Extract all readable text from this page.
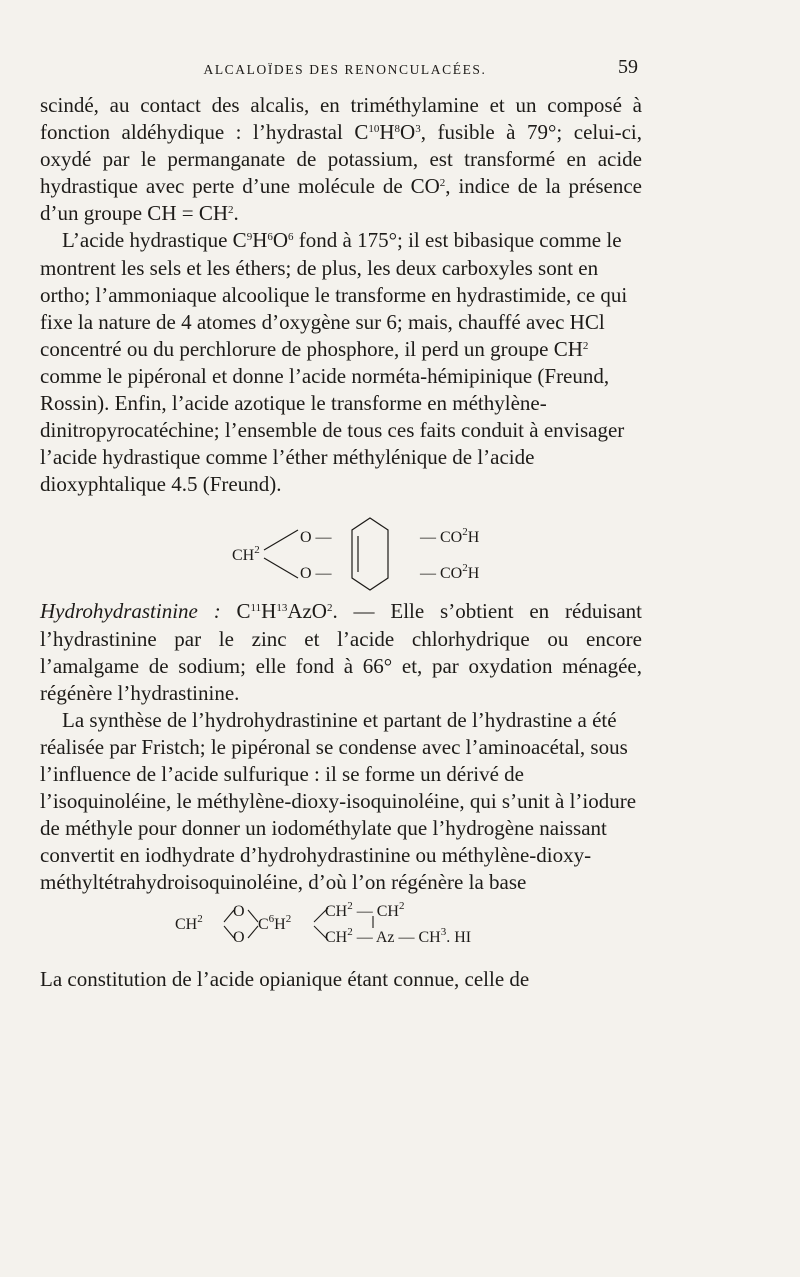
ALCALOÏDES DES RENONCULACÉES.	59

scindé, au contact des alcalis, en triméthylamine et un composé à fonction aldéhydique : l’hydrastal $C^{10}H^8O^3$, fusible à 79°; celui-ci, oxydé par le permanganate de potassium, est transformé en acide hydrastique avec perte d’une molécule de $CO^2$, indice de la présence d’un groupe CH = $CH^2$.

L’acide hydrastique $C^9H^6O^6$ fond à 175°; il est bibasique comme le montrent les sels et les éthers; de plus, les deux carboxyles sont en ortho; l’ammoniaque alcoolique le transforme en hydrastimide, ce qui fixe la nature de 4 atomes d’oxygène sur 6; mais, chauffé avec HCl concentré ou du perchlorure de phosphore, il perd un groupe $CH^2$ comme le pipéronal et donne l’acide norméta-hémipinique (Freund, Rossin). Enfin, l’acide azotique le transforme en méthylène-dinitropyrocatéchine; l’ensemble de tous ces faits conduit à envisager l’acide hydrastique comme l’éther méthylénique de l’acide dioxyphtalique 4.5 (Freund).

$CH^2$
O —
O —
— $CO^2H$
— $CO^2H$

Hydrohydrastinine : $C^{11}H^{13}AzO^2$. — Elle s’obtient en réduisant l’hydrastinine par le zinc et l’acide chlorhydrique ou encore l’amalgame de sodium; elle fond à 66° et, par oxydation ménagée, régénère l’hydrastinine.

La synthèse de l’hydrohydrastinine et partant de l’hydrastine a été réalisée par Fristch; le pipéronal se condense avec l’aminoacétal, sous l’influence de l’acide sulfurique : il se forme un dérivé de l’isoquinoléine, le méthylène-dioxy-isoquinoléine, qui s’unit à l’iodure de méthyle pour donner un iodométhylate que l’hydrogène naissant convertit en iodhydrate d’hydrohydrastinine ou méthylène-dioxy-méthyltétrahydroisoquinoléine, d’où l’on régénère la base

$CH^2$ O
O
$C^6H^2$ $CH^2$ — $CH^2$
$CH^2$ — Az — $CH^3$. HI

La constitution de l’acide opianique étant connue, celle de
